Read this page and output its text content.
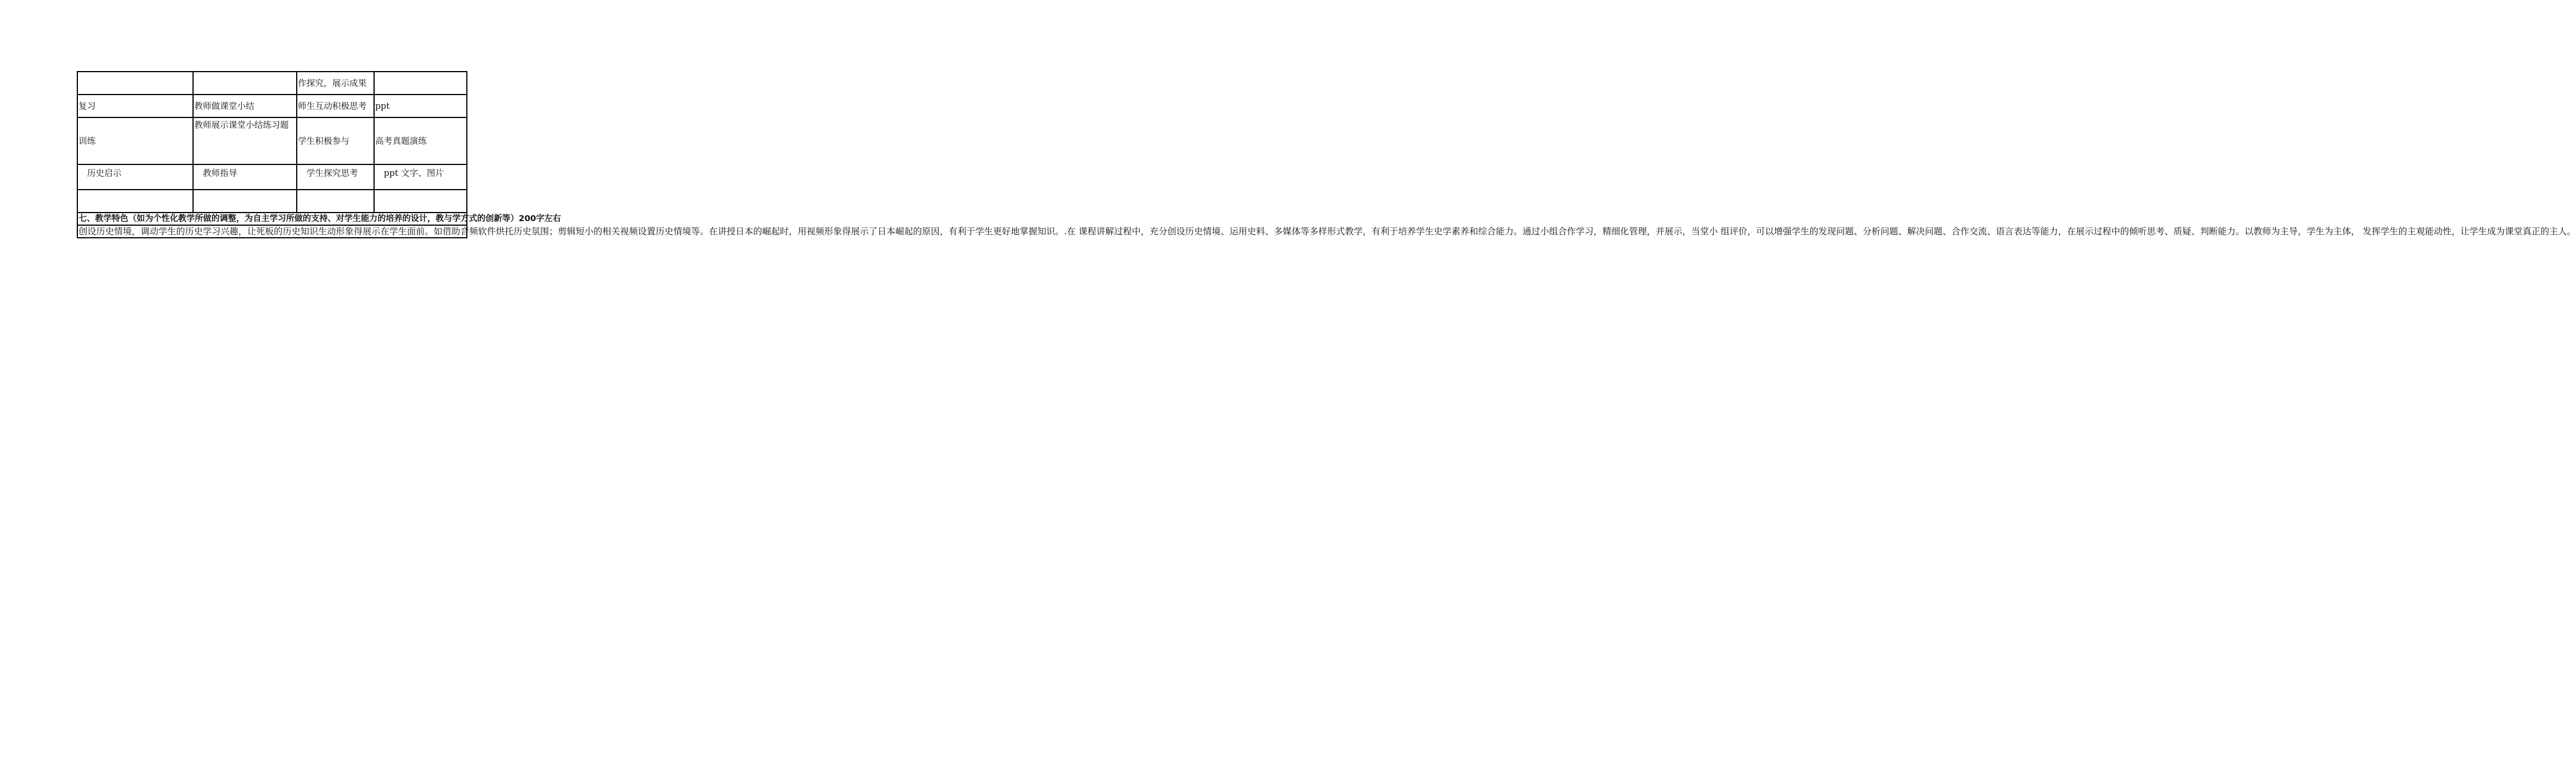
		作探究，展示成果	
复习	教师做课堂小结	师生互动积极思考	ppt
训练	教师展示课堂小结练习题	学生积极参与	高考真题演练
历史启示	教师指导	学生探究思考	ppt 文字、图片

七、教学特色（如为个性化教学所做的调整，为自主学习所做的支持、对学生能力的培养的设计，教与学方式的创新等）200字左右			
创设历史情境，调动学生的历史学习兴趣，让死板的历史知识生动形象得展示在学生面前。如借助音频软件烘托历史氛围；剪辑短小的相关视频设置历史情境等。在讲授日本的崛起时，用视频形象得展示了日本崛起的原因，有利于学生更好地掌握知识。.在 课程讲解过程中，充分创设历史情境、运用史料、多媒体等多样形式教学，有利于培养学生史学素养和综合能力。通过小组合作学习，精细化管理，并展示，当堂小 组评价，可以增强学生的发现问题、分析问题、解决问题、合作交流、语言表达等能力，在展示过程中的倾听思考、质疑、判断能力。以教师为主导，学生为主体， 发挥学生的主观能动性，让学生成为课堂真正的主人。			
